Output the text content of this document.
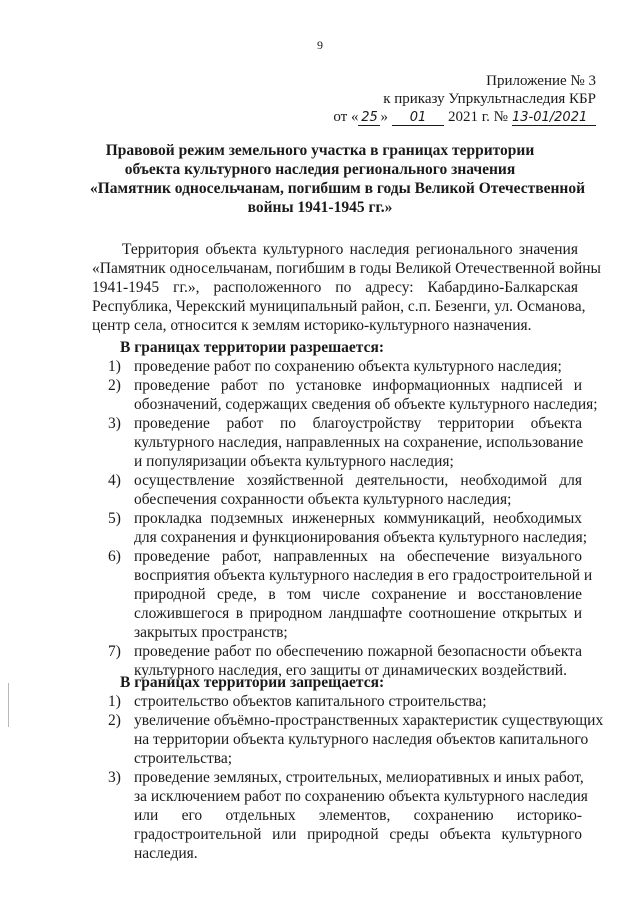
9
Приложение № 3
к приказу Упркультнаследия КБР
от « 25 » 01 2021 г. № 13-01/2021
Правовой режим земельного участка в границах территории
объекта культурного наследия регионального значения
«Памятник односельчанам, погибшим в годы Великой Отечественной
войны 1941-1945 гг.»
Территория объекта культурного наследия регионального значения
«Памятник односельчанам, погибшим в годы Великой Отечественной войны
1941-1945 гг.», расположенного по адресу: Кабардино-Балкарская
Республика, Черекский муниципальный район, с.п. Безенги, ул. Османова,
центр села, относится к землям историко-культурного назначения.
В границах территории разрешается:
1) проведение работ по сохранению объекта культурного наследия;
2) проведение работ по установке информационных надписей и
обозначений, содержащих сведения об объекте культурного наследия;
3) проведение работ по благоустройству территории объекта
культурного наследия, направленных на сохранение, использование
и популяризации объекта культурного наследия;
4) осуществление хозяйственной деятельности, необходимой для
обеспечения сохранности объекта культурного наследия;
5) прокладка подземных инженерных коммуникаций, необходимых
для сохранения и функционирования объекта культурного наследия;
6) проведение работ, направленных на обеспечение визуального
восприятия объекта культурного наследия в его градостроительной и
природной среде, в том числе сохранение и восстановление
сложившегося в природном ландшафте соотношение открытых и
закрытых пространств;
7) проведение работ по обеспечению пожарной безопасности объекта
культурного наследия, его защиты от динамических воздействий.
В границах территории запрещается:
1) строительство объектов капитального строительства;
2) увеличение объёмно-пространственных характеристик существующих
на территории объекта культурного наследия объектов капитального
строительства;
3) проведение земляных, строительных, мелиоративных и иных работ,
за исключением работ по сохранению объекта культурного наследия
или его отдельных элементов, сохранению историко-
градостроительной или природной среды объекта культурного
наследия.
